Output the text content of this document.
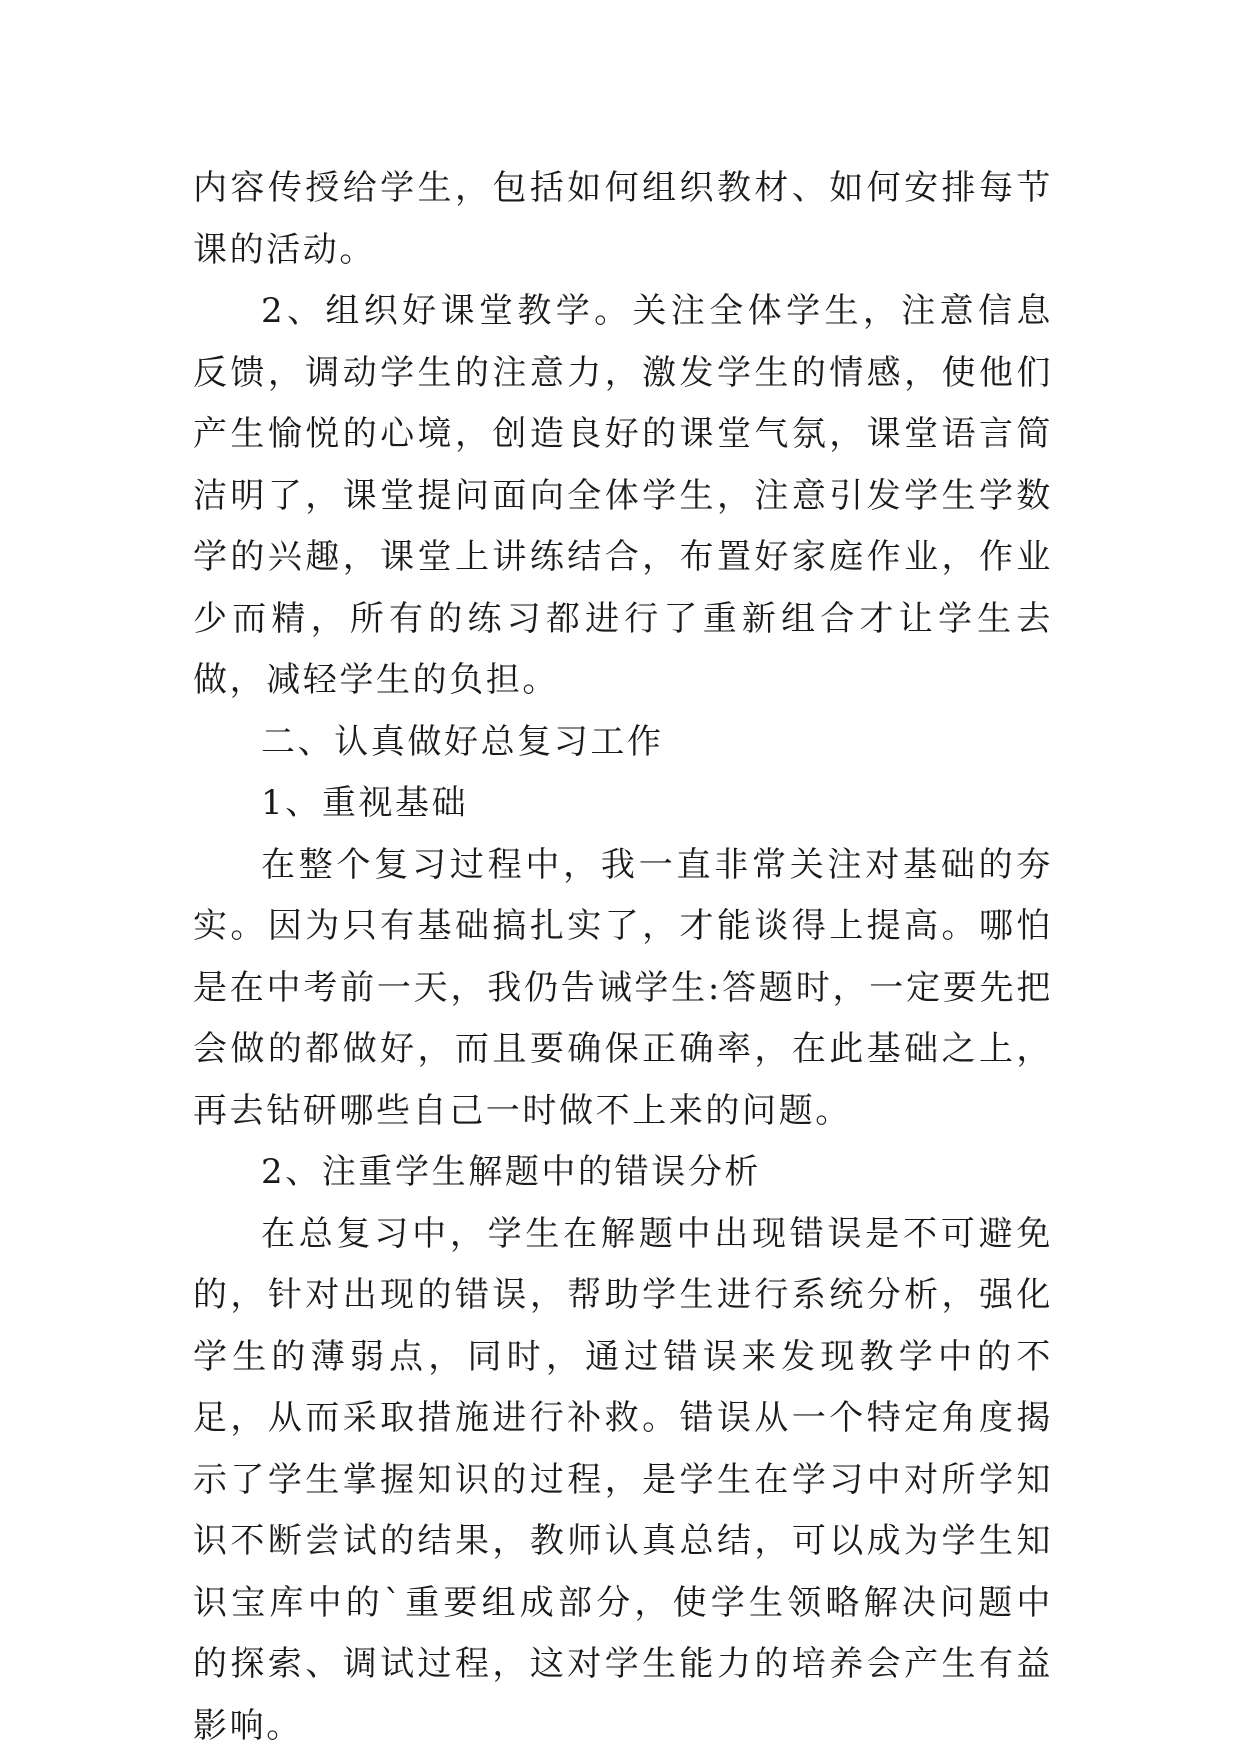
内容传授给学生，包括如何组织教材、如何安排每节课的活动。

2、组织好课堂教学。关注全体学生，注意信息反馈，调动学生的注意力，激发学生的情感，使他们产生愉悦的心境，创造良好的课堂气氛，课堂语言简洁明了，课堂提问面向全体学生，注意引发学生学数学的兴趣，课堂上讲练结合，布置好家庭作业，作业少而精，所有的练习都进行了重新组合才让学生去做，减轻学生的负担。

二、认真做好总复习工作

1、重视基础

在整个复习过程中，我一直非常关注对基础的夯实。因为只有基础搞扎实了，才能谈得上提高。哪怕是在中考前一天，我仍告诫学生:答题时，一定要先把会做的都做好，而且要确保正确率，在此基础之上，再去钻研哪些自己一时做不上来的问题。

2、注重学生解题中的错误分析

在总复习中，学生在解题中出现错误是不可避免的，针对出现的错误，帮助学生进行系统分析，强化学生的薄弱点，同时，通过错误来发现教学中的不足，从而采取措施进行补救。错误从一个特定角度揭示了学生掌握知识的过程，是学生在学习中对所学知识不断尝试的结果，教师认真总结，可以成为学生知识宝库中的`重要组成部分，使学生领略解决问题中的探索、调试过程，这对学生能力的培养会产生有益影响。
